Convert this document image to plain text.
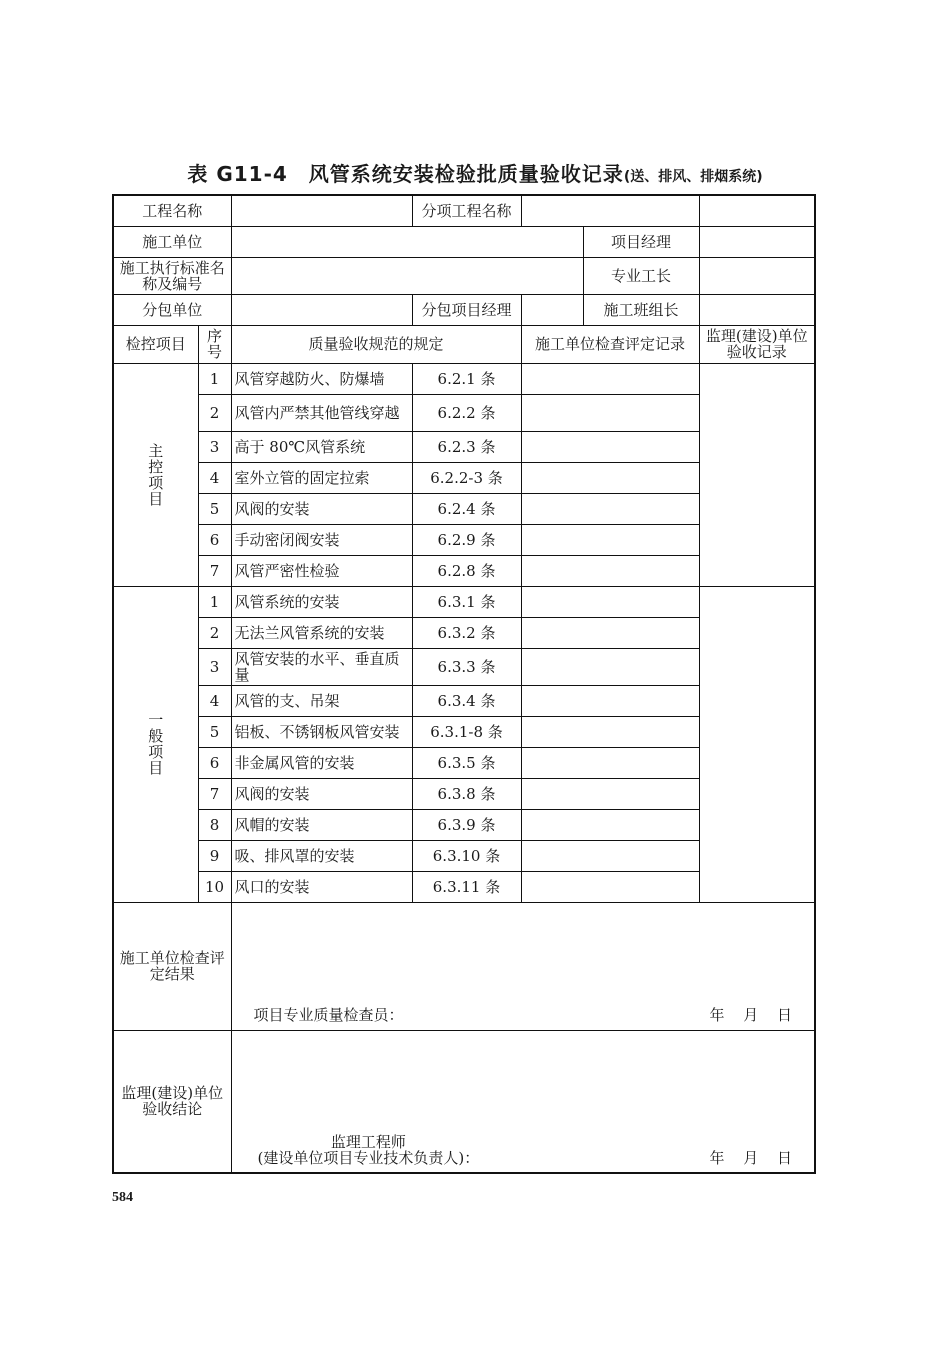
表 G11-4　风管系统安装检验批质量验收记录(送、排风、排烟系统)
工程名称			分项工程名称			
施工单位					项目经理	
施工执行标准名称及编号					专业工长	
分包单位			分包项目经理		施工班组长	
检控项目	序号	质量验收规范的规定		施工单位检查评定记录		监理(建设)单位验收记录

主
控
项
目	1	风管穿越防火、防爆墙	6.2.1 条			
	2	风管内严禁其他管线穿越	6.2.2 条			
	3	高于 80℃风管系统	6.2.3 条			
	4	室外立管的固定拉索	6.2.2-3 条			
	5	风阀的安装	6.2.4 条			
	6	手动密闭阀安装	6.2.9 条			
	7	风管严密性检验	6.2.8 条			

一
般
项
目	1	风管系统的安装	6.3.1 条			
	2	无法兰风管系统的安装	6.3.2 条			
	3	风管安装的水平、垂直质量	6.3.3 条			
	4	风管的支、吊架	6.3.4 条			
	5	铝板、不锈钢板风管安装	6.3.1-8 条			
	6	非金属风管的安装	6.3.5 条			
	7	风阀的安装	6.3.8 条			
	8	风帽的安装	6.3.9 条			
	9	吸、排风罩的安装	6.3.10 条			
	10	风口的安装	6.3.11 条			
施工单位检查评定结果		项目专业质量检查员： 年 月 日				

监理(建设)单位验收结论		监理工程师
(建设单位项目专业技术负责人)： 年 月 日				
584
